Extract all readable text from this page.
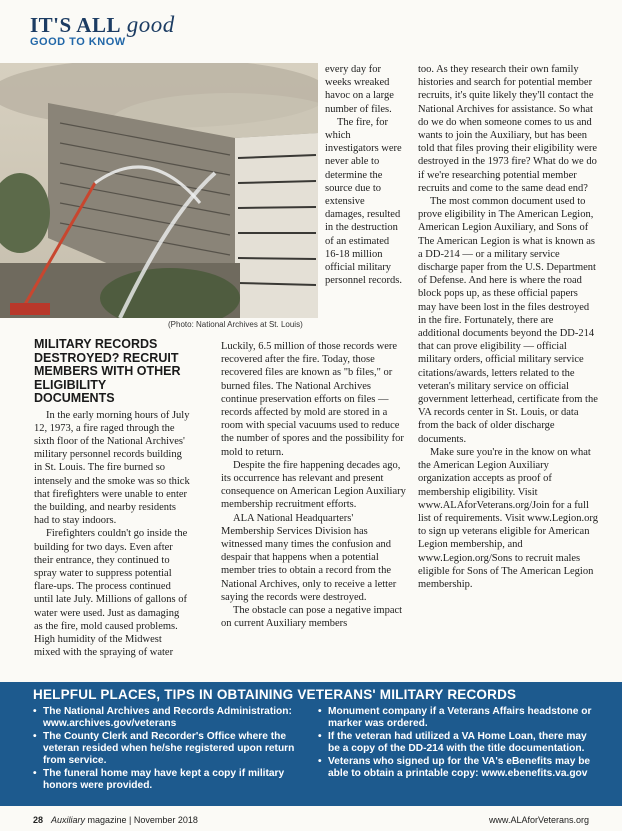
IT'S ALL good
GOOD TO KNOW
(Photo: National Archives at St. Louis)

every day for weeks wreaked havoc on a large number of files.

The fire, for which investigators were never able to determine the source due to extensive damages, resulted in the destruction of an estimated 16-18 million official military personnel records.

MILITARY RECORDS DESTROYED? RECRUIT MEMBERS WITH OTHER ELIGIBILITY DOCUMENTS

In the early morning hours of July 12, 1973, a fire raged through the sixth floor of the National Archives' military personnel records building in St. Louis. The fire burned so intensely and the smoke was so thick that firefighters were unable to enter the building, and nearby residents had to stay indoors.

Firefighters couldn't go inside the building for two days. Even after their entrance, they continued to spray water to suppress potential flare-ups. The process continued until late July. Millions of gallons of water were used. Just as damaging as the fire, mold caused problems. High humidity of the Midwest mixed with the spraying of water

Luckily, 6.5 million of those records were recovered after the fire. Today, those recovered files are known as "b files," or burned files. The National Archives continue preservation efforts on files — records affected by mold are stored in a room with special vacuums used to reduce the number of spores and the possibility for mold to return.

Despite the fire happening decades ago, its occurrence has relevant and present consequence on American Legion Auxiliary membership recruitment efforts.

ALA National Headquarters' Membership Services Division has witnessed many times the confusion and despair that happens when a potential member tries to obtain a record from the National Archives, only to receive a letter saying the records were destroyed.

The obstacle can pose a negative impact on current Auxiliary members

too. As they research their own family histories and search for potential member recruits, it's quite likely they'll contact the National Archives for assistance. So what do we do when someone comes to us and wants to join the Auxiliary, but has been told that files proving their eligibility were destroyed in the 1973 fire? What do we do if we're researching potential member recruits and come to the same dead end?

The most common document used to prove eligibility in The American Legion, American Legion Auxiliary, and Sons of The American Legion is what is known as a DD-214 — or a military service discharge paper from the U.S. Department of Defense. And here is where the road block pops up, as these official papers may have been lost in the files destroyed in the fire. Fortunately, there are additional documents beyond the DD-214 that can prove eligibility — official military orders, official military service citations/awards, letters related to the veteran's military service on official government letterhead, certificate from the VA records center in St. Louis, or data from the back of older discharge documents.

Make sure you're in the know on what the American Legion Auxiliary organization accepts as proof of membership eligibility. Visit www.ALAforVeterans.org/Join for a full list of requirements. Visit www.Legion.org to sign up veterans eligible for American Legion membership, and www.Legion.org/Sons to recruit males eligible for Sons of The American Legion membership.

HELPFUL PLACES, TIPS IN OBTAINING VETERANS' MILITARY RECORDS
• The National Archives and Records Administration: www.archives.gov/veterans
• The County Clerk and Recorder's Office where the veteran resided when he/she registered upon return from service.
• The funeral home may have kept a copy if military honors were provided.
• Monument company if a Veterans Affairs headstone or marker was ordered.
• If the veteran had utilized a VA Home Loan, there may be a copy of the DD-214 with the title documentation.
• Veterans who signed up for the VA's eBenefits may be able to obtain a printable copy: www.ebenefits.va.gov
28 Auxiliary magazine | November 2018	www.ALAforVeterans.org
